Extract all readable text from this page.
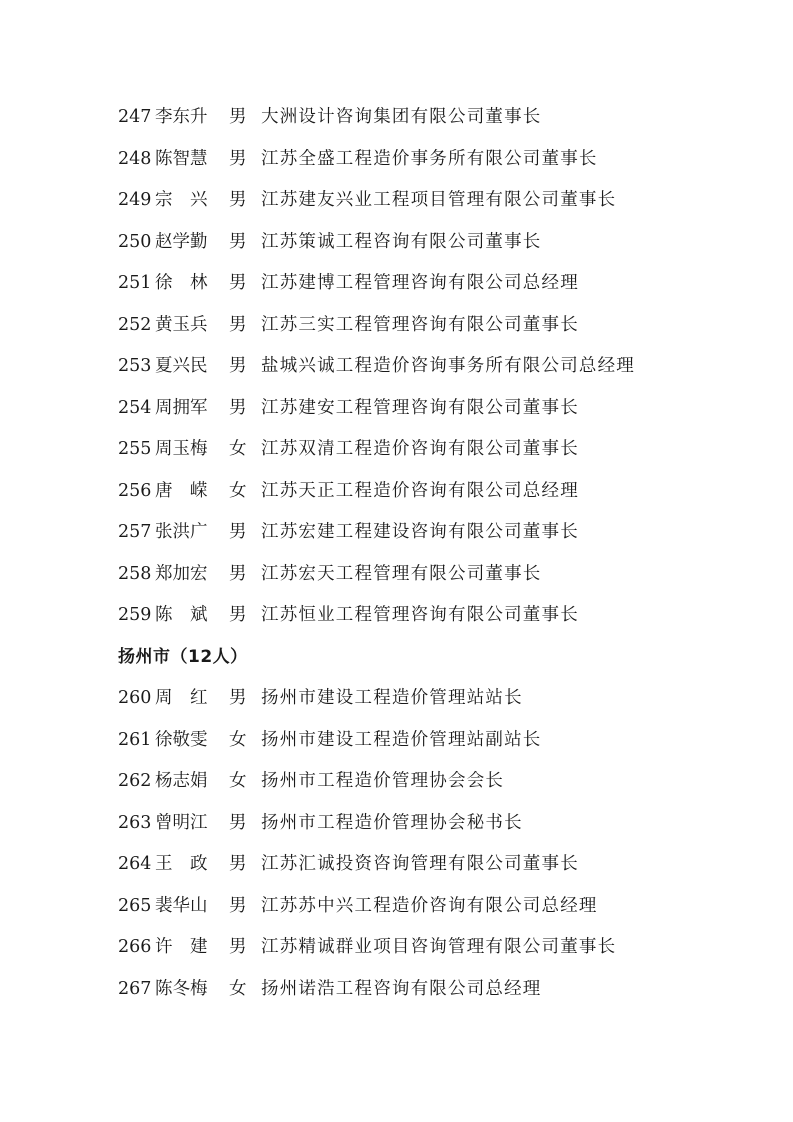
247 李东升	男 大洲设计咨询集团有限公司董事长
248 陈智慧	男 江苏全盛工程造价事务所有限公司董事长
249 宗　兴	男 江苏建友兴业工程项目管理有限公司董事长
250 赵学勤	男 江苏策诚工程咨询有限公司董事长
251 徐　林	男 江苏建博工程管理咨询有限公司总经理
252 黄玉兵	男 江苏三实工程管理咨询有限公司董事长
253 夏兴民	男 盐城兴诚工程造价咨询事务所有限公司总经理
254 周拥军	男 江苏建安工程管理咨询有限公司董事长
255 周玉梅	女 江苏双清工程造价咨询有限公司董事长
256 唐　嵘	女 江苏天正工程造价咨询有限公司总经理
257 张洪广	男 江苏宏建工程建设咨询有限公司董事长
258 郑加宏	男 江苏宏天工程管理有限公司董事长
259 陈　斌	男 江苏恒业工程管理咨询有限公司董事长
扬州市（12人）
260 周　红	男 扬州市建设工程造价管理站站长
261 徐敬雯	女 扬州市建设工程造价管理站副站长
262 杨志娟	女 扬州市工程造价管理协会会长
263 曾明江	男 扬州市工程造价管理协会秘书长
264 王　政	男 江苏汇诚投资咨询管理有限公司董事长
265 裴华山	男 江苏苏中兴工程造价咨询有限公司总经理
266 许　建	男 江苏精诚群业项目咨询管理有限公司董事长
267 陈冬梅	女 扬州诺浩工程咨询有限公司总经理
